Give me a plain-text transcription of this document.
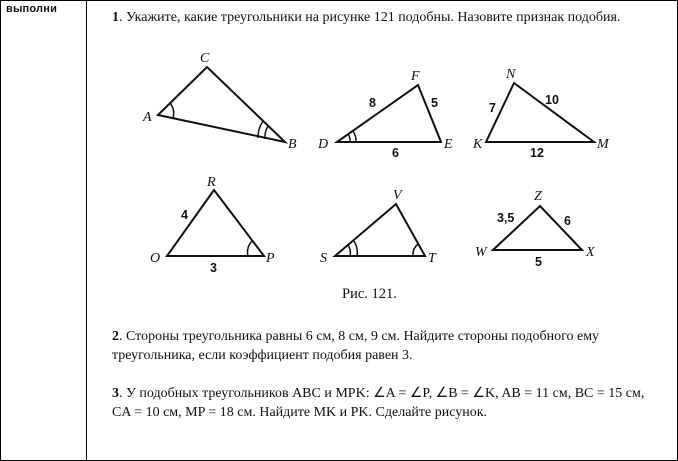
выполни
1. Укажите, какие треугольники на рисунке 121 подобны. Назовите признак подобия.
A
B
C
D	E
F
K	M
N
O	P
R
S	T
V
W	X
Z
8	5
6
7
10
12
4
3
3,5	6
5
Рис. 121.
2. Стороны треугольника равны 6 см, 8 см, 9 см. Найдите стороны подобного ему треугольника, если коэффициент подобия равен 3.
3. У подобных треугольников ABC и MPK: ∠A = ∠P, ∠B = ∠K, AB = 11 см, BC = 15 см, CA = 10 см, MP = 18 см. Найдите MK и PK. Сделайте рисунок.
